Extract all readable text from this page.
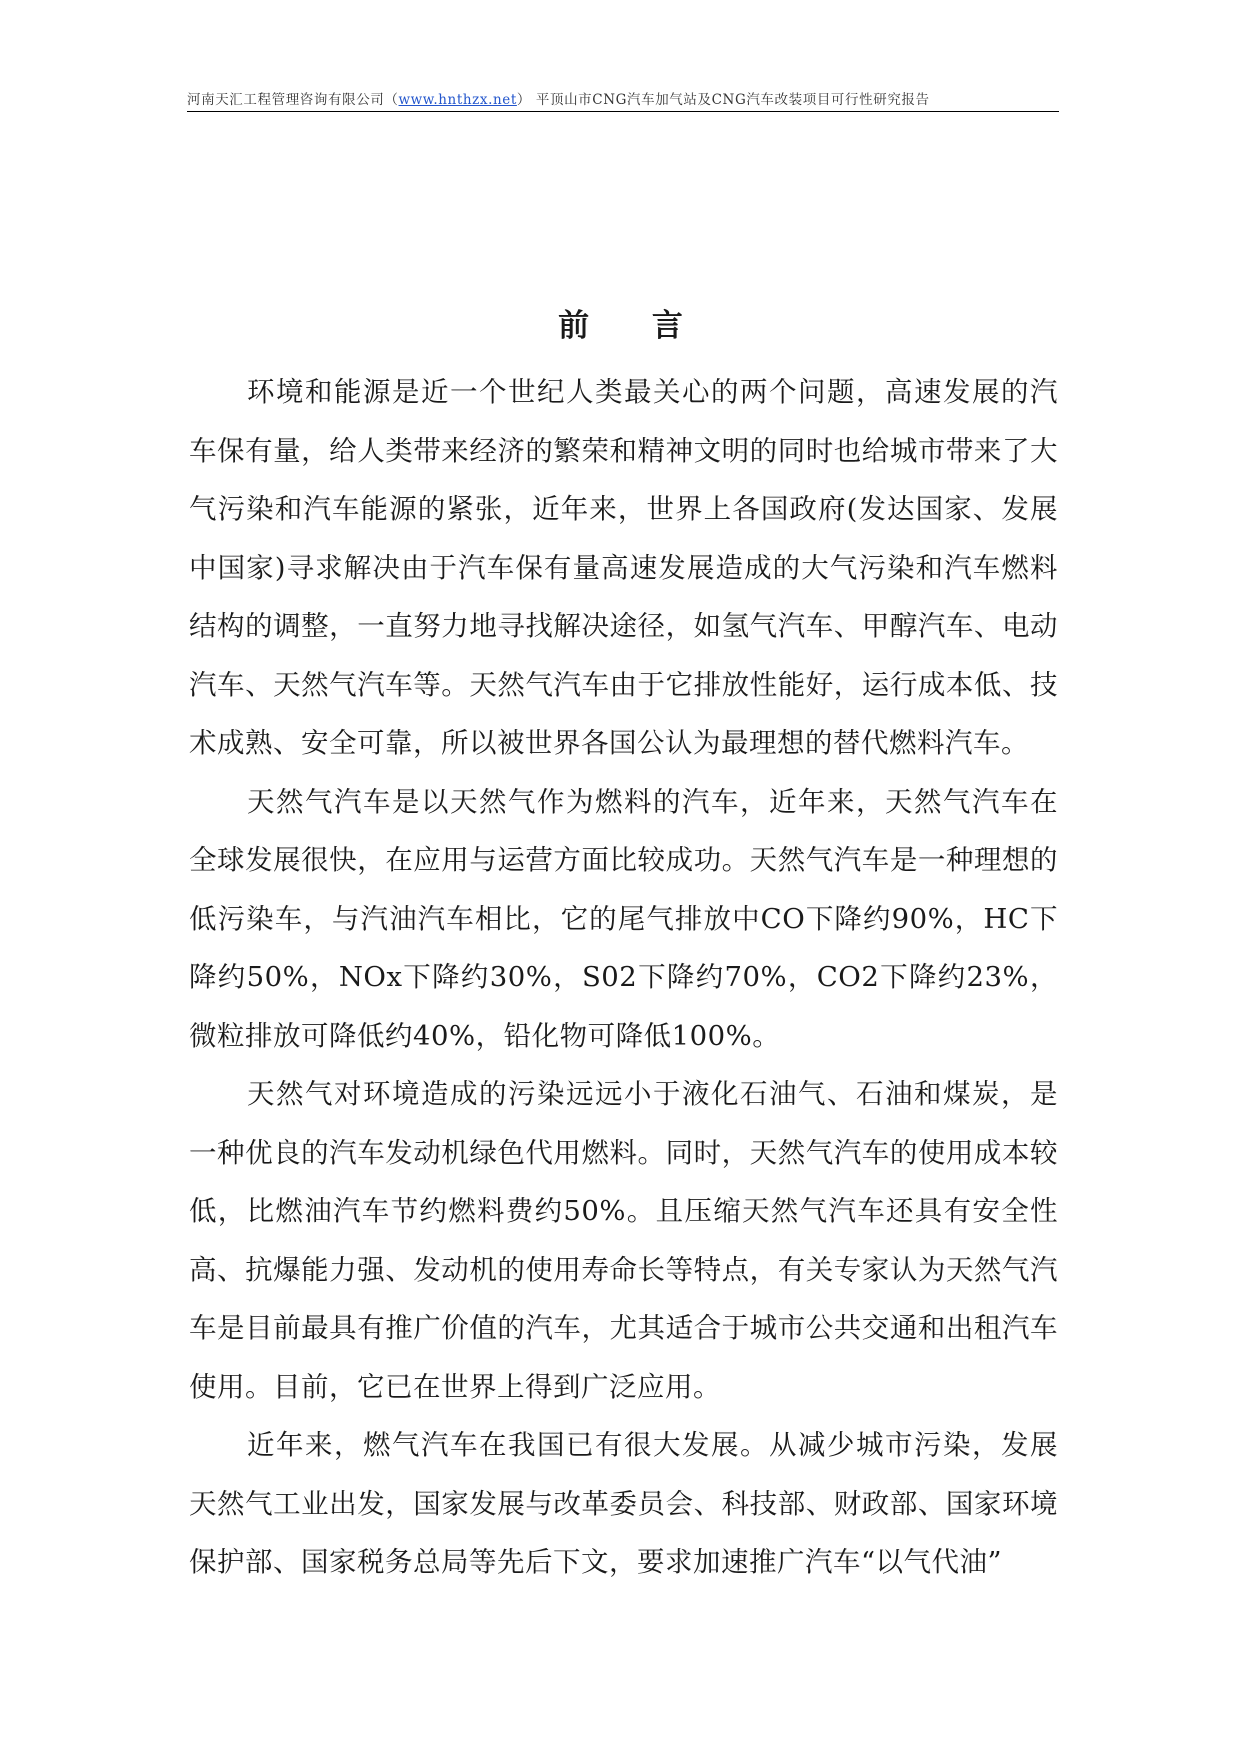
河南天汇工程管理咨询有限公司（www.hnthzx.net） 平顶山市CNG汽车加气站及CNG汽车改装项目可行性研究报告
前 言

环境和能源是近一个世纪人类最关心的两个问题，高速发展的汽车保有量，给人类带来经济的繁荣和精神文明的同时也给城市带来了大气污染和汽车能源的紧张，近年来，世界上各国政府(发达国家、发展中国家)寻求解决由于汽车保有量高速发展造成的大气污染和汽车燃料结构的调整，一直努力地寻找解决途径，如氢气汽车、甲醇汽车、电动汽车、天然气汽车等。天然气汽车由于它排放性能好，运行成本低、技术成熟、安全可靠，所以被世界各国公认为最理想的替代燃料汽车。

天然气汽车是以天然气作为燃料的汽车，近年来，天然气汽车在全球发展很快，在应用与运营方面比较成功。天然气汽车是一种理想的低污染车，与汽油汽车相比，它的尾气排放中CO下降约90%，HC下降约50%，NOx下降约30%，S02下降约70%，CO2下降约23%，微粒排放可降低约40%，铅化物可降低100%。

天然气对环境造成的污染远远小于液化石油气、石油和煤炭，是一种优良的汽车发动机绿色代用燃料。同时，天然气汽车的使用成本较低，比燃油汽车节约燃料费约50%。且压缩天然气汽车还具有安全性高、抗爆能力强、发动机的使用寿命长等特点，有关专家认为天然气汽车是目前最具有推广价值的汽车，尤其适合于城市公共交通和出租汽车使用。目前，它已在世界上得到广泛应用。

近年来，燃气汽车在我国已有很大发展。从减少城市污染，发展天然气工业出发，国家发展与改革委员会、科技部、财政部、国家环境保护部、国家税务总局等先后下文，要求加速推广汽车“以气代油”
